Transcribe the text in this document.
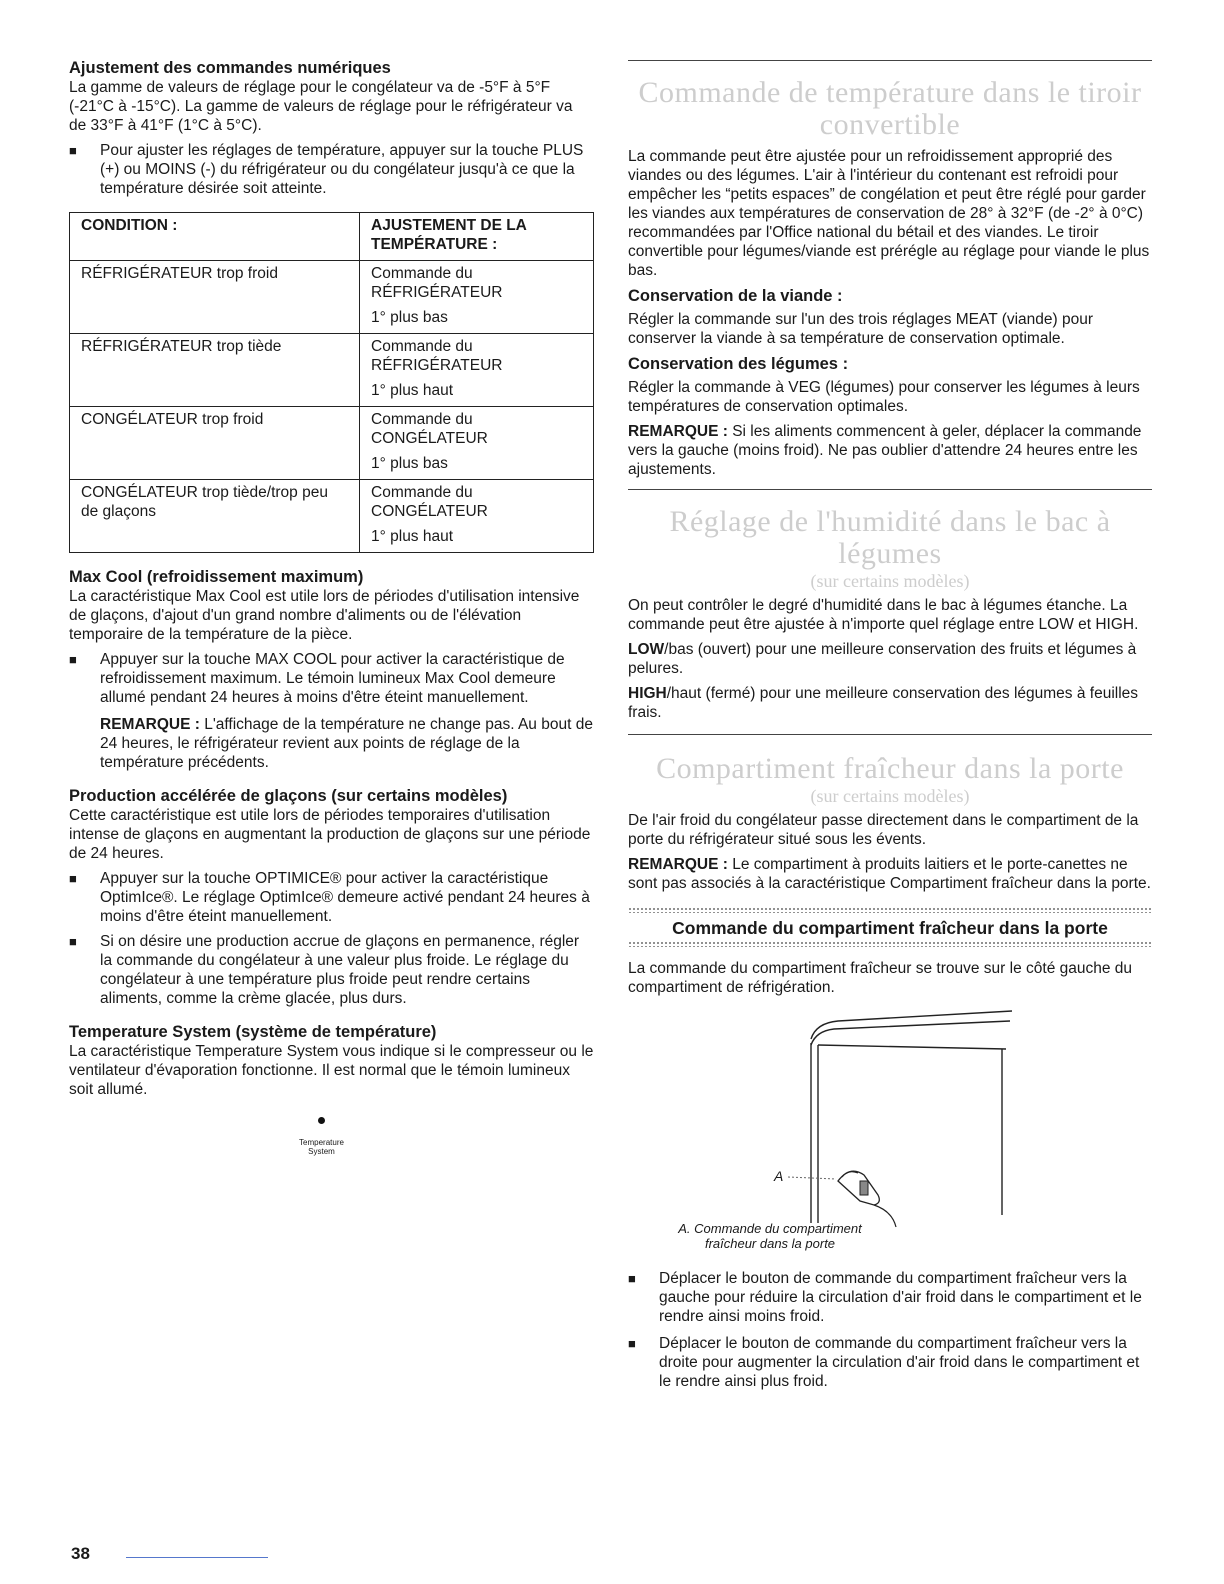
Ajustement des commandes numériques

La gamme de valeurs de réglage pour le congélateur va de -5°F à 5°F (-21°C à -15°C). La gamme de valeurs de réglage pour le réfrigérateur va de 33°F à 41°F (1°C à 5°C).

■	Pour ajuster les réglages de température, appuyer sur la touche PLUS (+) ou MOINS (-) du réfrigérateur ou du congélateur jusqu'à ce que la température désirée soit atteinte.
CONDITION :	AJUSTEMENT DE LA TEMPÉRATURE :
RÉFRIGÉRATEUR trop froid	Commande du RÉFRIGÉRATEUR
1° plus bas

RÉFRIGÉRATEUR trop tiède	Commande du RÉFRIGÉRATEUR
1° plus haut

CONGÉLATEUR trop froid	Commande du CONGÉLATEUR
1° plus bas

CONGÉLATEUR trop tiède/trop peu de glaçons	Commande du CONGÉLATEUR
1° plus haut
Max Cool (refroidissement maximum)

La caractéristique Max Cool est utile lors de périodes d'utilisation intensive de glaçons, d'ajout d'un grand nombre d'aliments ou de l'élévation temporaire de la température de la pièce.

■	Appuyer sur la touche MAX COOL pour activer la caractéristique de refroidissement maximum. Le témoin lumineux Max Cool demeure allumé pendant 24 heures à moins d'être éteint manuellement.

REMARQUE : L'affichage de la température ne change pas. Au bout de 24 heures, le réfrigérateur revient aux points de réglage de la température précédents.

Production accélérée de glaçons (sur certains modèles)

Cette caractéristique est utile lors de périodes temporaires d'utilisation intense de glaçons en augmentant la production de glaçons sur une période de 24 heures.

■	Appuyer sur la touche OPTIMICE® pour activer la caractéristique OptimIce®. Le réglage OptimIce® demeure activé pendant 24 heures à moins d'être éteint manuellement.
■	Si on désire une production accrue de glaçons en permanence, régler la commande du congélateur à une valeur plus froide. Le réglage du congélateur à une température plus froide peut rendre certains aliments, comme la crème glacée, plus durs.
Temperature System (système de température)

La caractéristique Temperature System vous indique si le compresseur ou le ventilateur d'évaporation fonctionne. Il est normal que le témoin lumineux soit allumé.

Temperature
System
Commande de température dans le tiroir convertible

La commande peut être ajustée pour un refroidissement approprié des viandes ou des légumes. L'air à l'intérieur du contenant est refroidi pour empêcher les “petits espaces” de congélation et peut être réglé pour garder les viandes aux températures de conservation de 28° à 32°F (de -2° à 0°C) recommandées par l'Office national du bétail et des viandes. Le tiroir convertible pour légumes/viande est prérégle au réglage pour viande le plus bas.

Conservation de la viande :

Régler la commande sur l'un des trois réglages MEAT (viande) pour conserver la viande à sa température de conservation optimale.

Conservation des légumes :

Régler la commande à VEG (légumes) pour conserver les légumes à leurs températures de conservation optimales.

REMARQUE : Si les aliments commencent à geler, déplacer la commande vers la gauche (moins froid). Ne pas oublier d'attendre 24 heures entre les ajustements.

Réglage de l'humidité dans le bac à légumes
(sur certains modèles)

On peut contrôler le degré d'humidité dans le bac à légumes étanche. La commande peut être ajustée à n'importe quel réglage entre LOW et HIGH.

LOW/bas (ouvert) pour une meilleure conservation des fruits et légumes à pelures.

HIGH/haut (fermé) pour une meilleure conservation des légumes à feuilles frais.

Compartiment fraîcheur dans la porte
(sur certains modèles)

De l'air froid du congélateur passe directement dans le compartiment de la porte du réfrigérateur situé sous les évents.

REMARQUE : Le compartiment à produits laitiers et le porte-canettes ne sont pas associés à la caractéristique Compartiment fraîcheur dans la porte.

Commande du compartiment fraîcheur dans la porte

La commande du compartiment fraîcheur se trouve sur le côté gauche du compartiment de réfrigération.

A
A. Commande du compartiment
fraîcheur dans la porte
■	Déplacer le bouton de commande du compartiment fraîcheur vers la gauche pour réduire la circulation d'air froid dans le compartiment et le rendre ainsi moins froid.
■	Déplacer le bouton de commande du compartiment fraîcheur vers la droite pour augmenter la circulation d'air froid dans le compartiment et le rendre ainsi plus froid.
38
